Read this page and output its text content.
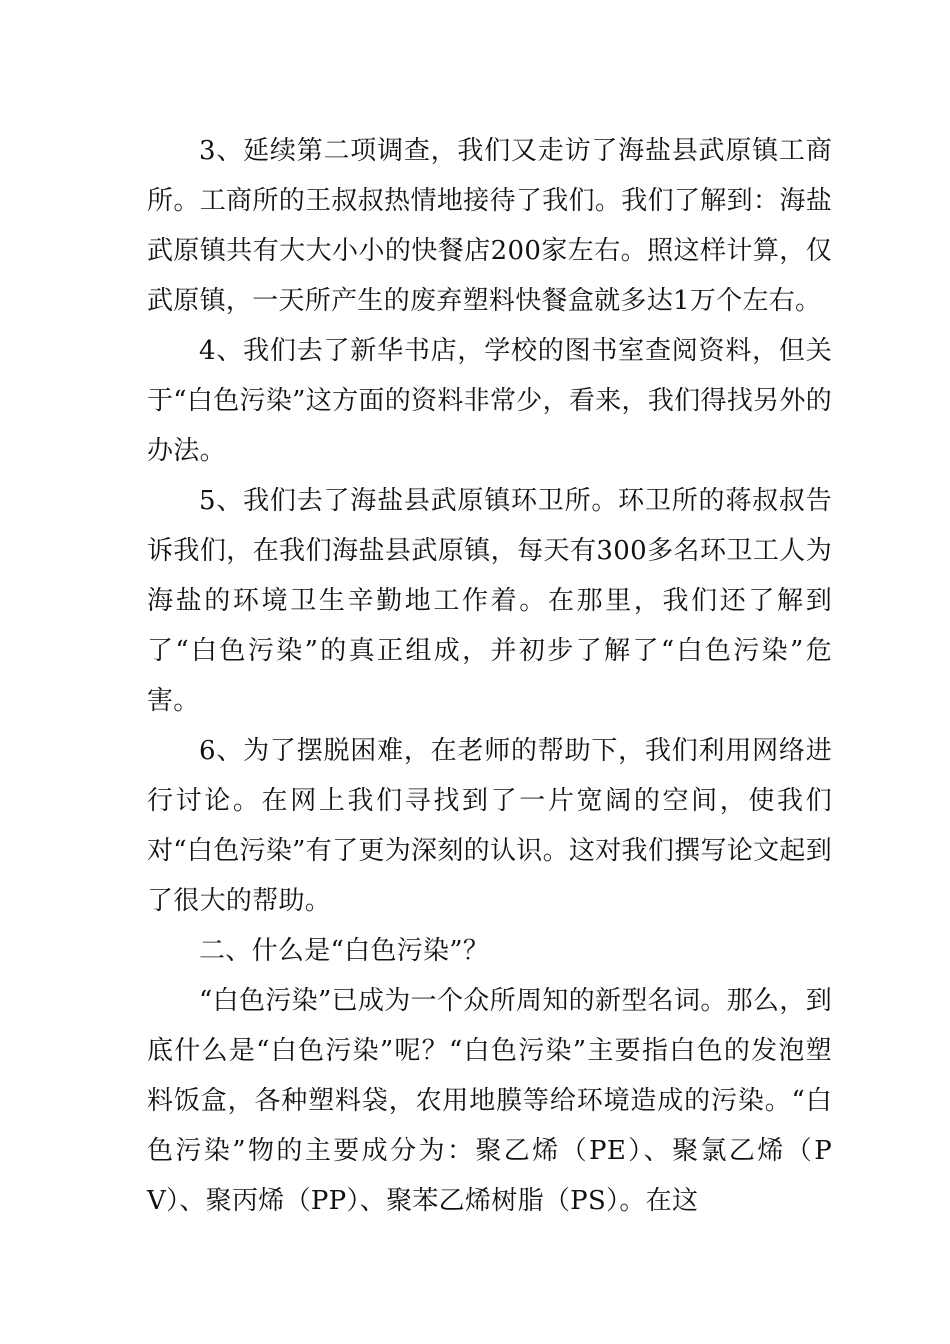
3、延续第二项调查，我们又走访了海盐县武原镇工商所。工商所的王叔叔热情地接待了我们。我们了解到：海盐武原镇共有大大小小的快餐店200家左右。照这样计算，仅武原镇，一天所产生的废弃塑料快餐盒就多达1万个左右。

4、我们去了新华书店，学校的图书室查阅资料，但关于“白色污染”这方面的资料非常少，看来，我们得找另外的办法。

5、我们去了海盐县武原镇环卫所。环卫所的蒋叔叔告诉我们，在我们海盐县武原镇，每天有300多名环卫工人为海盐的环境卫生辛勤地工作着。在那里，我们还了解到了“白色污染”的真正组成，并初步了解了“白色污染”危害。

6、为了摆脱困难，在老师的帮助下，我们利用网络进行讨论。在网上我们寻找到了一片宽阔的空间，使我们对“白色污染”有了更为深刻的认识。这对我们撰写论文起到了很大的帮助。

二、什么是“白色污染”？

“白色污染”已成为一个众所周知的新型名词。那么，到底什么是“白色污染”呢？“白色污染”主要指白色的发泡塑料饭盒，各种塑料袋，农用地膜等给环境造成的污染。“白色污染”物的主要成分为：聚乙烯（PE）、聚氯乙烯（PV）、聚丙烯（PP）、聚苯乙烯树脂（PS）。在这
